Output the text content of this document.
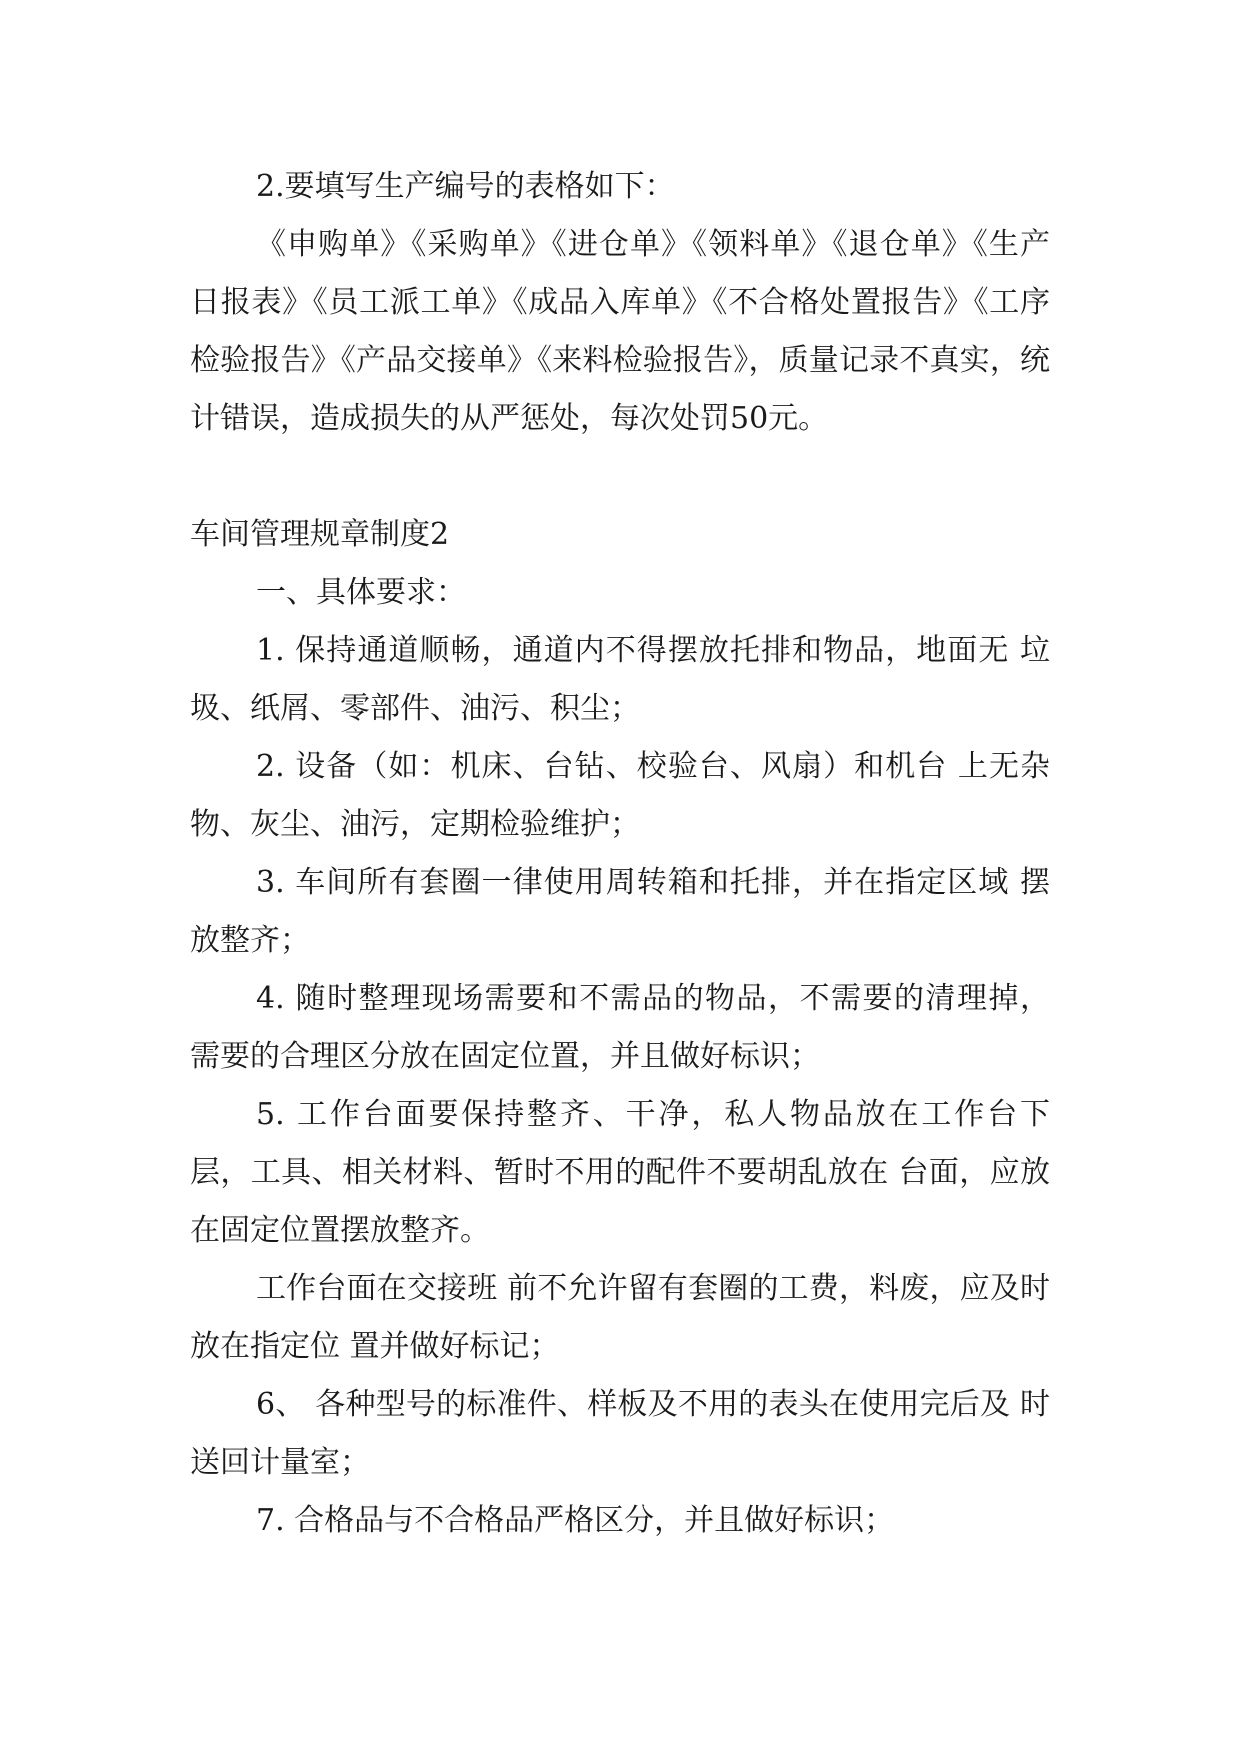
2.要填写生产编号的表格如下：

《申购单》《采购单》《进仓单》《领料单》《退仓单》《生产日报表》《员工派工单》《成品入库单》《不合格处置报告》《工序检验报告》《产品交接单》《来料检验报告》，质量记录不真实，统计错误，造成损失的从严惩处，每次处罚50元。

车间管理规章制度2

一、具体要求：

1. 保持通道顺畅，通道内不得摆放托排和物品，地面无 垃圾、纸屑、零部件、油污、积尘；

2. 设备（如：机床、台钻、校验台、风扇）和机台 上无杂物、灰尘、油污，定期检验维护；

3. 车间所有套圈一律使用周转箱和托排，并在指定区域 摆放整齐；

4. 随时整理现场需要和不需品的物品，不需要的清理掉， 需要的合理区分放在固定位置，并且做好标识；

5. 工作台面要保持整齐、干净，私人物品放在工作台下 层，工具、相关材料、暂时不用的配件不要胡乱放在 台面，应放在固定位置摆放整齐。

工作台面在交接班 前不允许留有套圈的工费，料废，应及时放在指定位 置并做好标记；

6、 各种型号的标准件、样板及不用的表头在使用完后及 时送回计量室；

7. 合格品与不合格品严格区分，并且做好标识；
